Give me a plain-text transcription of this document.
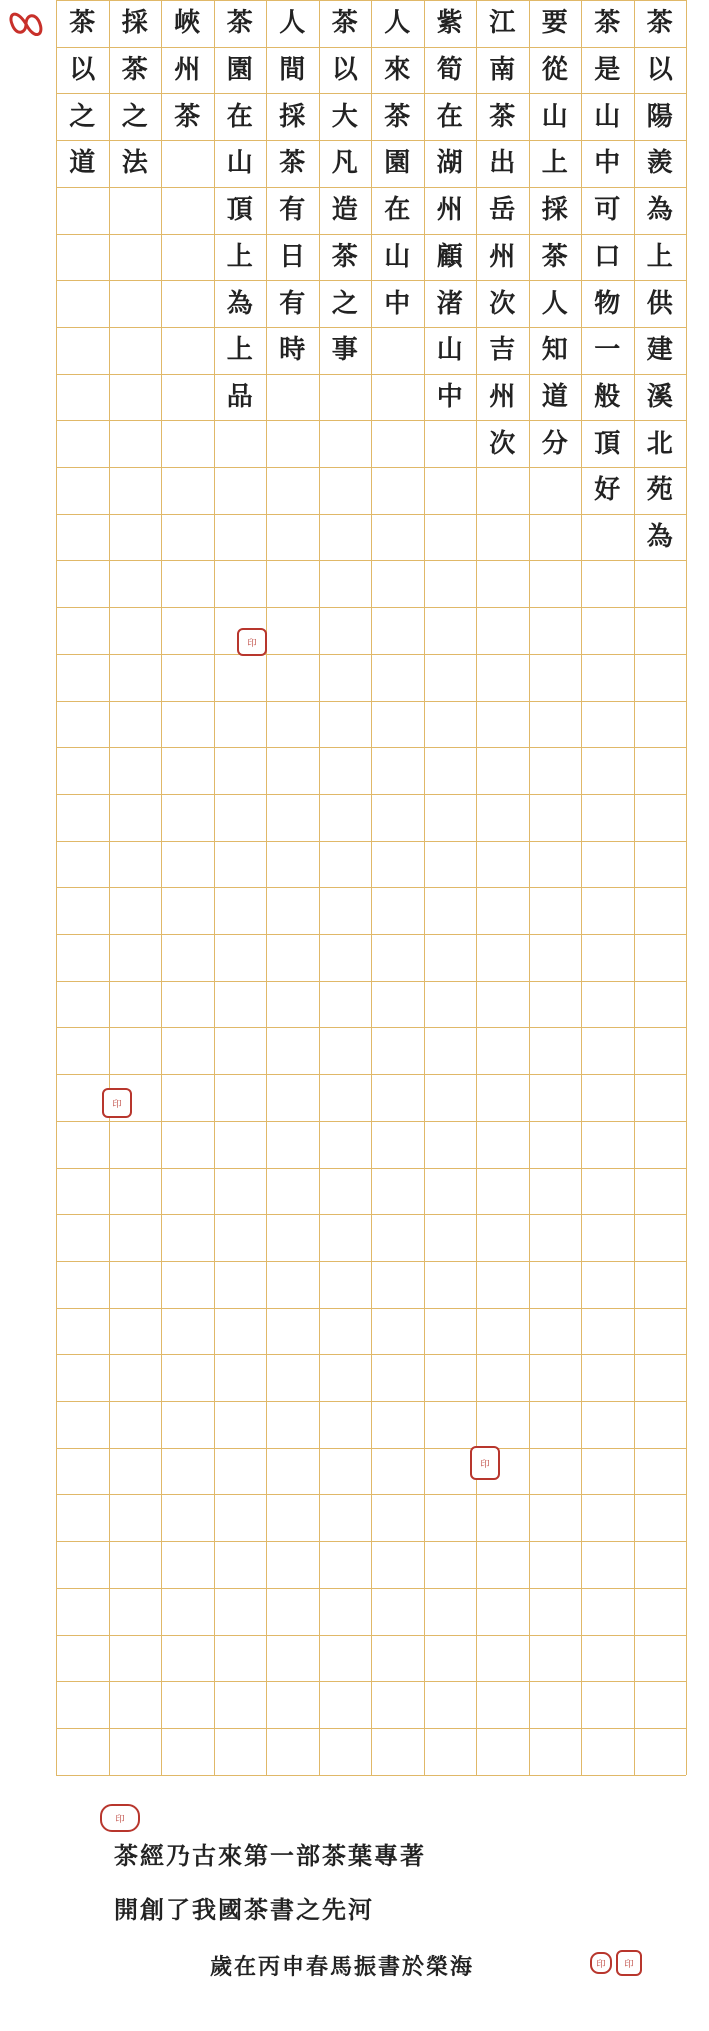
茶
以
陽
羨
為
上
供
建
溪
北
苑
為
茶
是
山
中
可
口
物
一
般
頂
好
要
從
山
上
採
茶
人
知
道
分
江
南
茶
出
岳
州
次
吉
州
次
紫
筍
在
湖
州
顧
渚
山
中
人
來
茶
園
在
山
中
茶
以
大
凡
造
茶
之
事
人
間
採
茶
有
日
有
時
茶
園
在
山
頂
上
為
上
品
峽
州
茶
採
茶
之
法
茶
以
之
道
印
印
印
印
茶經乃古來第一部茶葉專著
開創了我國茶書之先河
歲在丙申春馬振書於榮海	印 印
